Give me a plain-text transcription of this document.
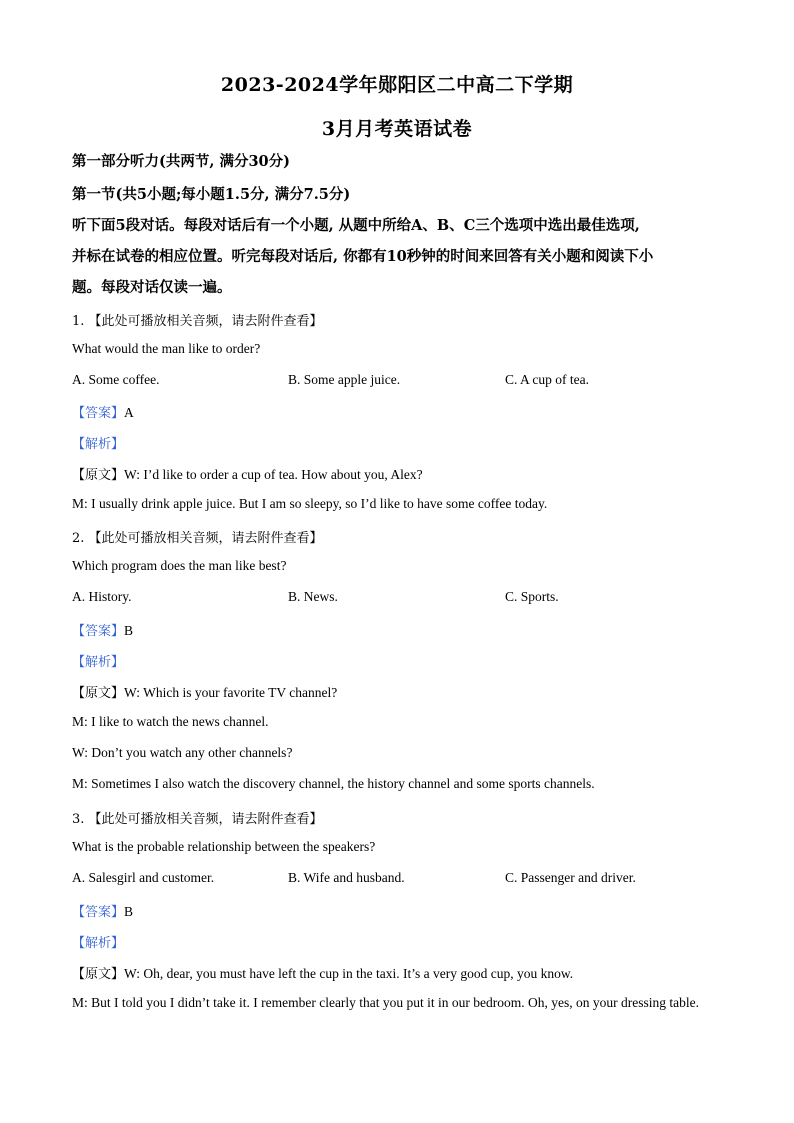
2023-2024学年郧阳区二中高二下学期
3月月考英语试卷
第一部分听力(共两节, 满分30分)
第一节(共5小题;每小题1.5分, 满分7.5分)
听下面5段对话。每段对话后有一个小题, 从题中所给A、B、C三个选项中选出最佳选项,
并标在试卷的相应位置。听完每段对话后, 你都有10秒钟的时间来回答有关小题和阅读下小
题。每段对话仅读一遍。
1. 【此处可播放相关音频，请去附件查看】
What would the man like to order?
A. Some coffee.	B. Some apple juice.	C. A cup of tea.
【答案】A
【解析】
【原文】W: I’d like to order a cup of tea. How about you, Alex?
M: I usually drink apple juice. But I am so sleepy, so I’d like to have some coffee today.
2. 【此处可播放相关音频，请去附件查看】
Which program does the man like best?
A. History.	B. News.	C. Sports.
【答案】B
【解析】
【原文】W: Which is your favorite TV channel?
M: I like to watch the news channel.
W: Don’t you watch any other channels?
M: Sometimes I also watch the discovery channel, the history channel and some sports channels.
3. 【此处可播放相关音频，请去附件查看】
What is the probable relationship between the speakers?
A. Salesgirl and customer.	B. Wife and husband.	C. Passenger and driver.
【答案】B
【解析】
【原文】W: Oh, dear, you must have left the cup in the taxi. It’s a very good cup, you know.
M: But I told you I didn’t take it. I remember clearly that you put it in our bedroom. Oh, yes, on your dressing table.
